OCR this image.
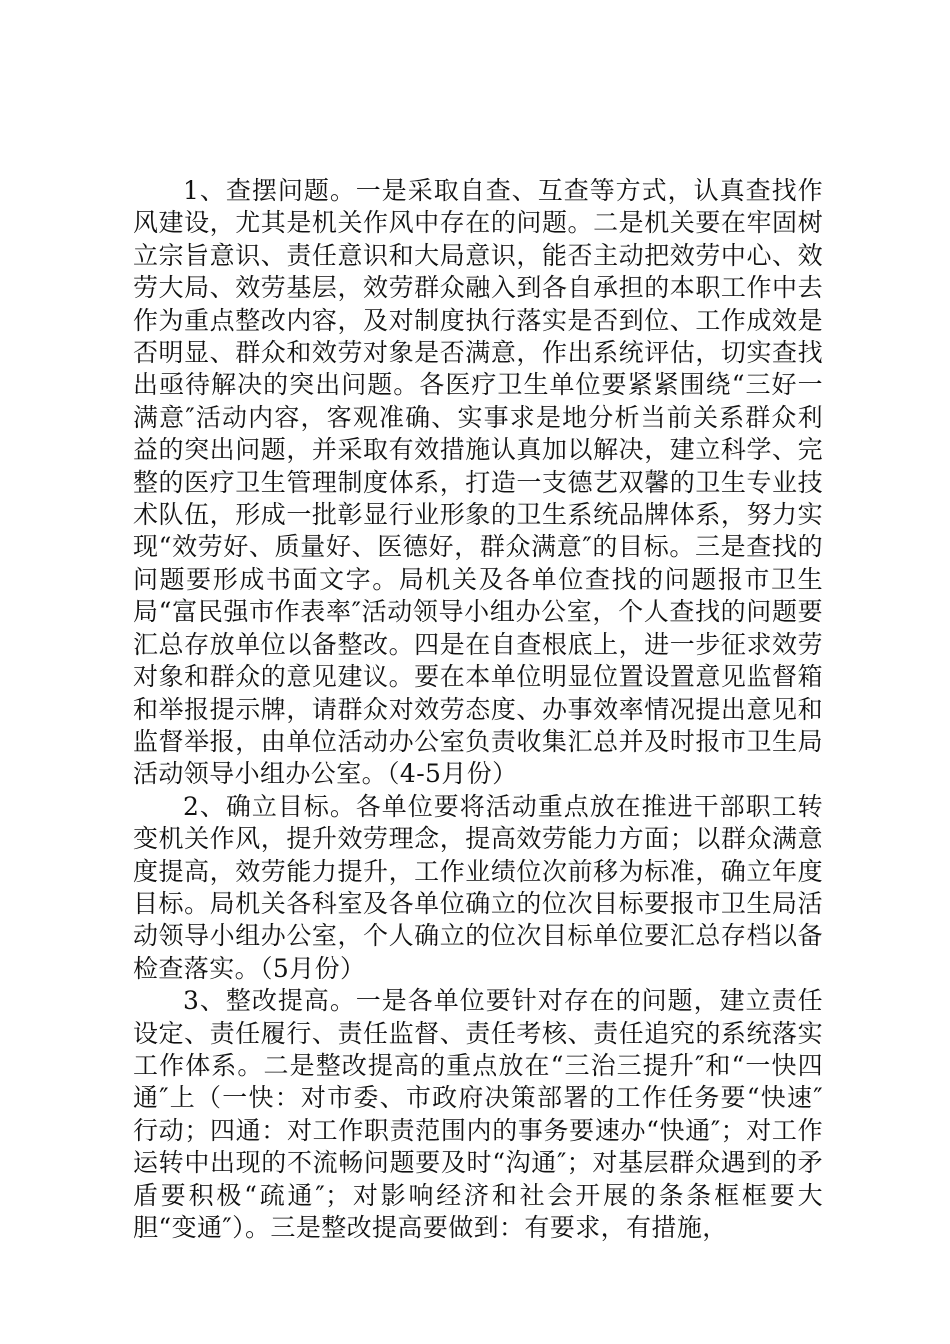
1、查摆问题。一是采取自查、互查等方式，认真查找作风建设，尤其是机关作风中存在的问题。二是机关要在牢固树立宗旨意识、责任意识和大局意识，能否主动把效劳中心、效劳大局、效劳基层，效劳群众融入到各自承担的本职工作中去作为重点整改内容，及对制度执行落实是否到位、工作成效是否明显、群众和效劳对象是否满意，作出系统评估，切实查找出亟待解决的突出问题。各医疗卫生单位要紧紧围绕“三好一满意″活动内容，客观准确、实事求是地分析当前关系群众利益的突出问题，并采取有效措施认真加以解决，建立科学、完整的医疗卫生管理制度体系，打造一支德艺双馨的卫生专业技术队伍，形成一批彰显行业形象的卫生系统品牌体系，努力实现“效劳好、质量好、医德好，群众满意″的目标。三是查找的问题要形成书面文字。局机关及各单位查找的问题报市卫生局“富民强市作表率″活动领导小组办公室，个人查找的问题要汇总存放单位以备整改。四是在自查根底上，进一步征求效劳对象和群众的意见建议。要在本单位明显位置设置意见监督箱和举报提示牌，请群众对效劳态度、办事效率情况提出意见和监督举报，由单位活动办公室负责收集汇总并及时报市卫生局活动领导小组办公室。（4-5月份）

2、确立目标。各单位要将活动重点放在推进干部职工转变机关作风，提升效劳理念，提高效劳能力方面；以群众满意度提高，效劳能力提升，工作业绩位次前移为标准，确立年度目标。局机关各科室及各单位确立的位次目标要报市卫生局活动领导小组办公室，个人确立的位次目标单位要汇总存档以备检查落实。（5月份）

3、整改提高。一是各单位要针对存在的问题，建立责任设定、责任履行、责任监督、责任考核、责任追究的系统落实工作体系。二是整改提高的重点放在“三治三提升″和“一快四通″上（一快：对市委、市政府决策部署的工作任务要“快速″行动；四通：对工作职责范围内的事务要速办“快通″；对工作运转中出现的不流畅问题要及时“沟通″；对基层群众遇到的矛盾要积极“疏通″；对影响经济和社会开展的条条框框要大胆“变通″）。三是整改提高要做到：有要求，有措施，
